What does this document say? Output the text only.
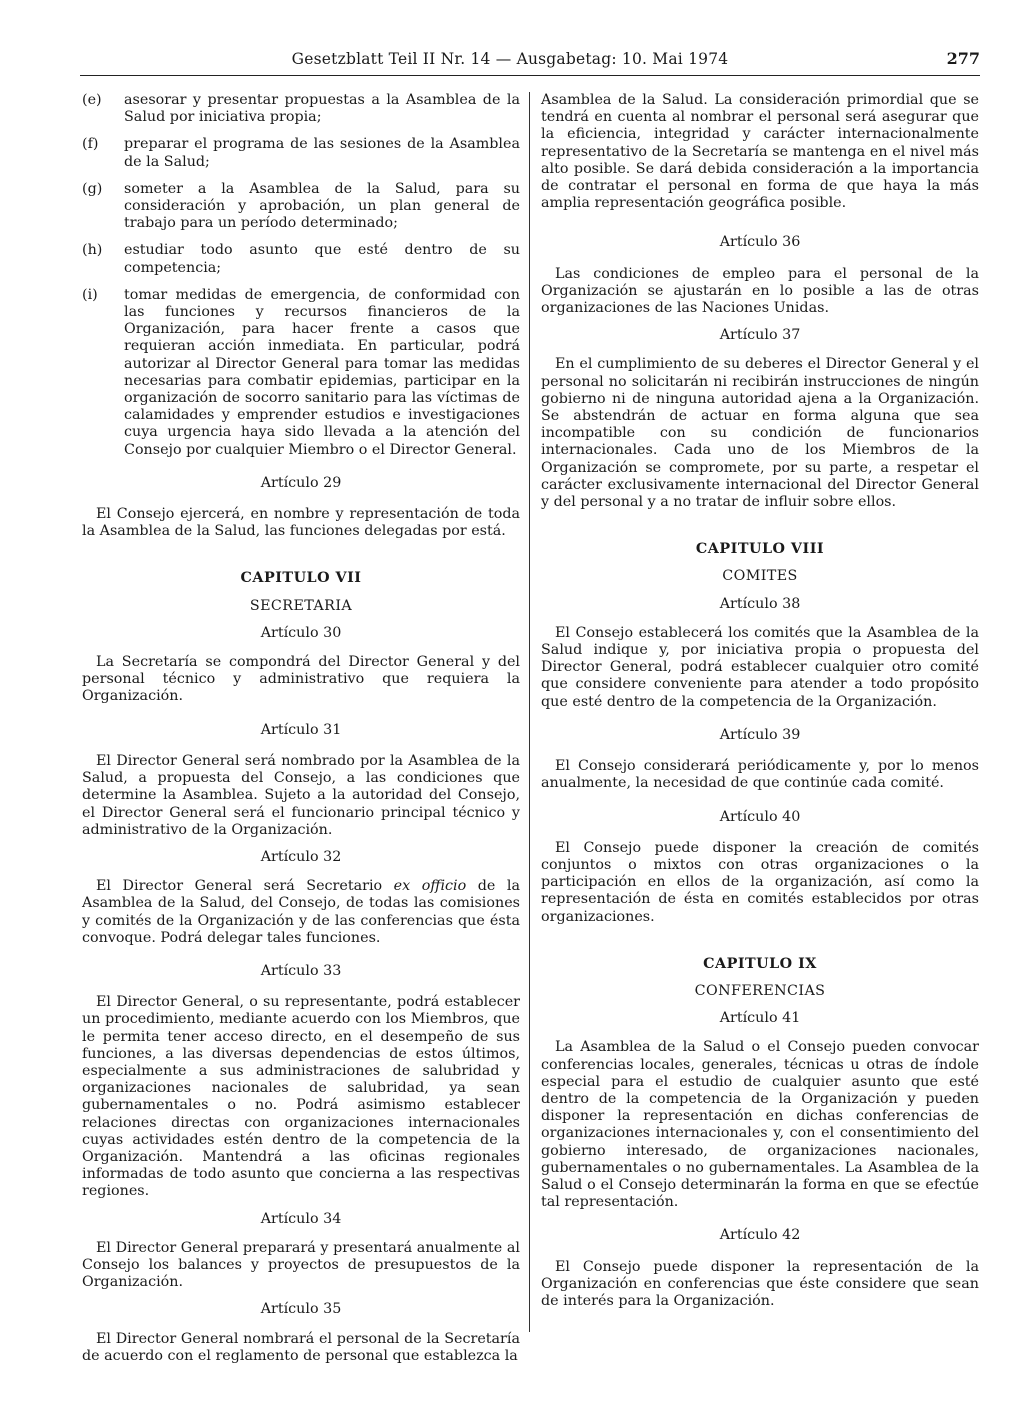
Gesetzblatt Teil II Nr. 14 — Ausgabetag: 10. Mai 1974	277
(e)	asesorar y presentar propuestas a la Asamblea de la Salud por iniciativa propia;
(f)	preparar el programa de las sesiones de la Asamblea de la Salud;
(g)	someter a la Asamblea de la Salud, para su consideración y aprobación, un plan general de trabajo para un período determinado;
(h)	estudiar todo asunto que esté dentro de su competencia;
(i)	tomar medidas de emergencia, de conformidad con las funciones y recursos financieros de la Organización, para hacer frente a casos que requieran acción inmediata. En particular, podrá autorizar al Director General para tomar las medidas necesarias para combatir epidemias, participar en la organización de socorro sanitario para las víctimas de calamidades y emprender estudios e investigaciones cuya urgencia haya sido llevada a la atención del Consejo por cualquier Miembro o el Director General.
Artículo 29

El Consejo ejercerá, en nombre y representación de toda la Asamblea de la Salud, las funciones delegadas por está.

CAPITULO VII
SECRETARIA
Artículo 30

La Secretaría se compondrá del Director General y del personal técnico y administrativo que requiera la Organización.

Artículo 31

El Director General será nombrado por la Asamblea de la Salud, a propuesta del Consejo, a las condiciones que determine la Asamblea. Sujeto a la autoridad del Consejo, el Director General será el funcionario principal técnico y administrativo de la Organización.

Artículo 32

El Director General será Secretario ex officio de la Asamblea de la Salud, del Consejo, de todas las comisiones y comités de la Organización y de las conferencias que ésta convoque. Podrá delegar tales funciones.

Artículo 33

El Director General, o su representante, podrá establecer un procedimiento, mediante acuerdo con los Miembros, que le permita tener acceso directo, en el desempeño de sus funciones, a las diversas dependencias de estos últimos, especialmente a sus administraciones de salubridad y organizaciones nacionales de salubridad, ya sean gubernamentales o no. Podrá asimismo establecer relaciones directas con organizaciones internacionales cuyas actividades estén dentro de la competencia de la Organización. Mantendrá a las oficinas regionales informadas de todo asunto que concierna a las respectivas regiones.

Artículo 34

El Director General preparará y presentará anualmente al Consejo los balances y proyectos de presupuestos de la Organización.

Artículo 35

El Director General nombrará el personal de la Secretaría de acuerdo con el reglamento de personal que establezca la

Asamblea de la Salud. La consideración primordial que se tendrá en cuenta al nombrar el personal será asegurar que la eficiencia, integridad y carácter internacionalmente representativo de la Secretaría se mantenga en el nivel más alto posible. Se dará debida consideración a la importancia de contratar el personal en forma de que haya la más amplia representación geográfica posible.

Artículo 36

Las condiciones de empleo para el personal de la Organización se ajustarán en lo posible a las de otras organizaciones de las Naciones Unidas.

Artículo 37

En el cumplimiento de su deberes el Director General y el personal no solicitarán ni recibirán instrucciones de ningún gobierno ni de ninguna autoridad ajena a la Organización. Se abstendrán de actuar en forma alguna que sea incompatible con su condición de funcionarios internacionales. Cada uno de los Miembros de la Organización se compromete, por su parte, a respetar el carácter exclusivamente internacional del Director General y del personal y a no tratar de influir sobre ellos.

CAPITULO VIII
COMITES
Artículo 38

El Consejo establecerá los comités que la Asamblea de la Salud indique y, por iniciativa propia o propuesta del Director General, podrá establecer cualquier otro comité que considere conveniente para atender a todo propósito que esté dentro de la competencia de la Organización.

Artículo 39

El Consejo considerará periódicamente y, por lo menos anualmente, la necesidad de que continúe cada comité.

Artículo 40

El Consejo puede disponer la creación de comités conjuntos o mixtos con otras organizaciones o la participación en ellos de la organización, así como la representación de ésta en comités establecidos por otras organizaciones.

CAPITULO IX
CONFERENCIAS
Artículo 41

La Asamblea de la Salud o el Consejo pueden convocar conferencias locales, generales, técnicas u otras de índole especial para el estudio de cualquier asunto que esté dentro de la competencia de la Organización y pueden disponer la representación en dichas conferencias de organizaciones internacionales y, con el consentimiento del gobierno interesado, de organizaciones nacionales, gubernamentales o no gubernamentales. La Asamblea de la Salud o el Consejo determinarán la forma en que se efectúe tal representación.

Artículo 42

El Consejo puede disponer la representación de la Organización en conferencias que éste considere que sean de interés para la Organización.
